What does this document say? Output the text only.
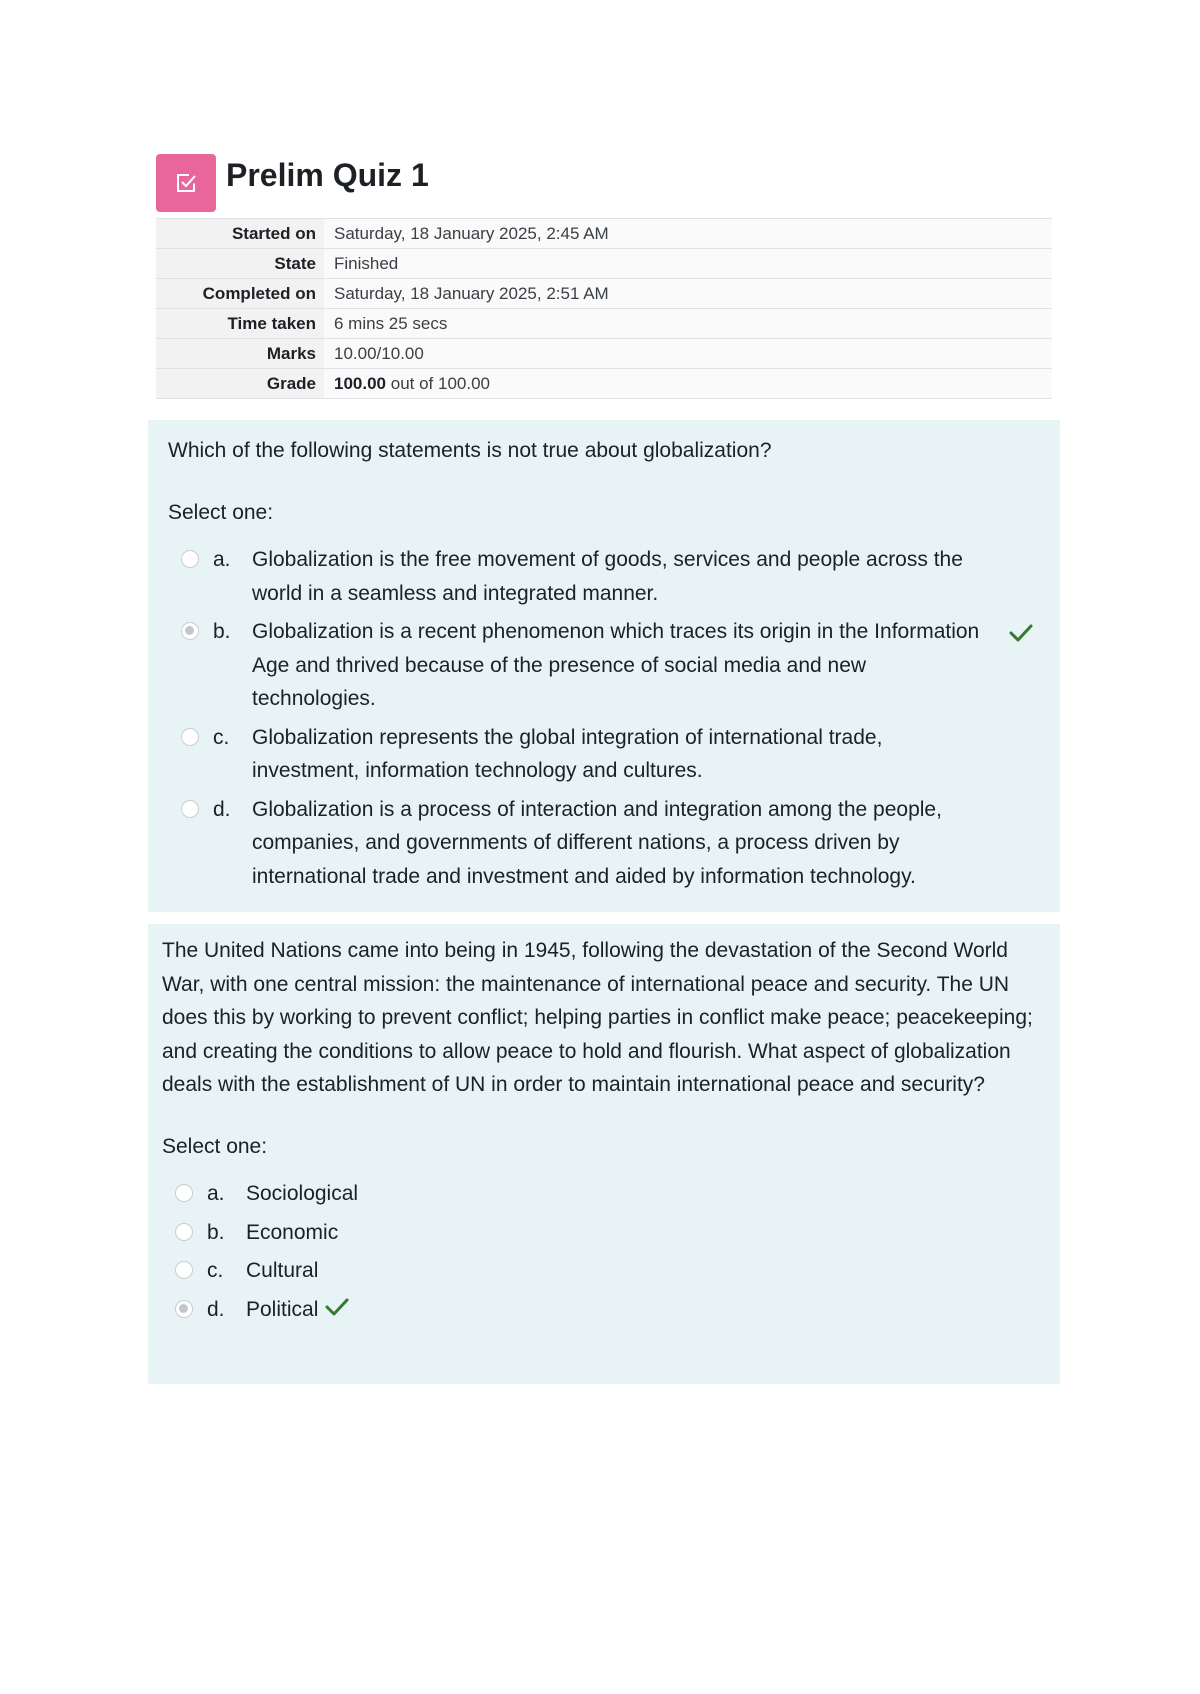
Prelim Quiz 1
Started on	Saturday, 18 January 2025, 2:45 AM
State	Finished
Completed on	Saturday, 18 January 2025, 2:51 AM
Time taken	6 mins 25 secs
Marks	10.00/10.00
Grade	100.00 out of 100.00

Which of the following statements is not true about globalization?

Select one:

a.	Globalization is the free movement of goods, services and people across the world in a seamless and integrated manner.
b.	Globalization is a recent phenomenon which traces its origin in the Information Age and thrived because of the presence of social media and new technologies.
c.	Globalization represents the global integration of international trade, investment, information technology and cultures.
d.	Globalization is a process of interaction and integration among the people, companies, and governments of different nations, a process driven by international trade and investment and aided by information technology.

The United Nations came into being in 1945, following the devastation of the Second World War, with one central mission: the maintenance of international peace and security. The UN does this by working to prevent conflict; helping parties in conflict make peace; peacekeeping; and creating the conditions to allow peace to hold and flourish. What aspect of globalization deals with the establishment of UN in order to maintain international peace and security?

Select one:

a.	Sociological
b.	Economic
c.	Cultural
d.	Political
